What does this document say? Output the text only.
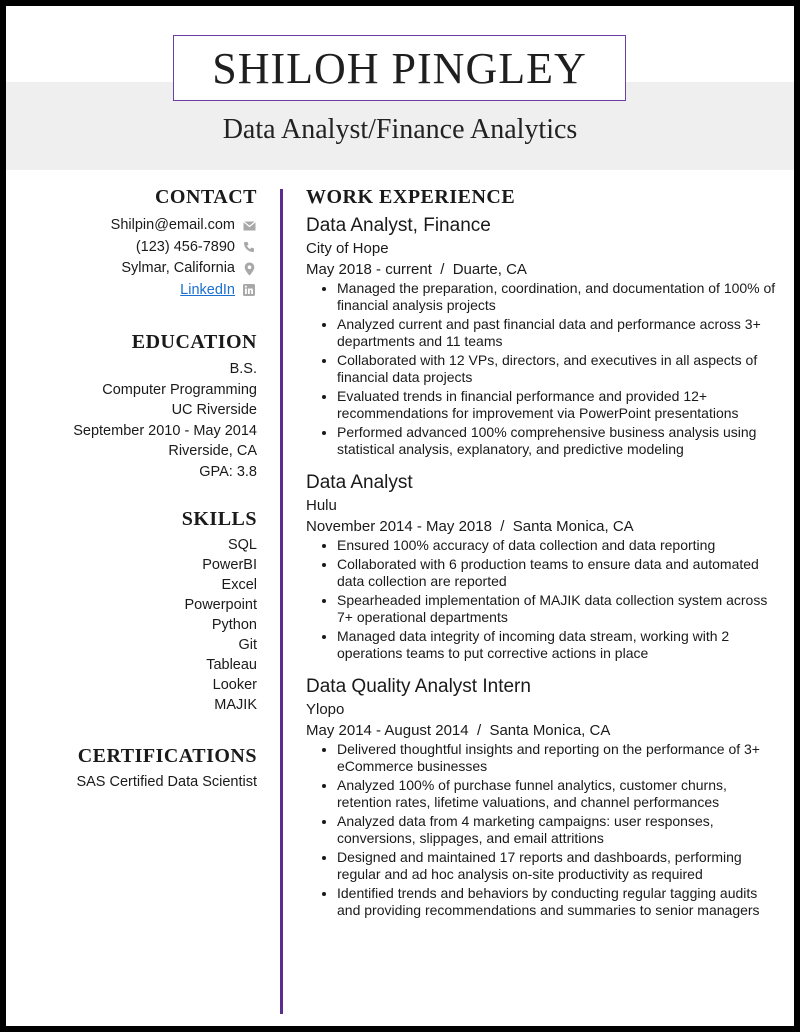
SHILOH PINGLEY
Data Analyst/Finance Analytics
CONTACT
Shilpin@email.com
(123) 456-7890
Sylmar, California
LinkedIn
EDUCATION
B.S.
Computer Programming
UC Riverside
September 2010 - May 2014
Riverside, CA
GPA: 3.8
SKILLS
SQL
PowerBI
Excel
Powerpoint
Python
Git
Tableau
Looker
MAJIK
CERTIFICATIONS
SAS Certified Data Scientist
WORK EXPERIENCE
Data Analyst, Finance
City of Hope
May 2018 - current  /  Duarte, CA
• Managed the preparation, coordination, and documentation of 100% of financial analysis projects
• Analyzed current and past financial data and performance across 3+ departments and 11 teams
• Collaborated with 12 VPs, directors, and executives in all aspects of financial data projects
• Evaluated trends in financial performance and provided 12+ recommendations for improvement via PowerPoint presentations
• Performed advanced 100% comprehensive business analysis using statistical analysis, explanatory, and predictive modeling
Data Analyst
Hulu
November 2014 - May 2018  /  Santa Monica, CA
• Ensured 100% accuracy of data collection and data reporting
• Collaborated with 6 production teams to ensure data and automated data collection are reported
• Spearheaded implementation of MAJIK data collection system across 7+ operational departments
• Managed data integrity of incoming data stream, working with 2 operations teams to put corrective actions in place
Data Quality Analyst Intern
Ylopo
May 2014 - August 2014  /  Santa Monica, CA
• Delivered thoughtful insights and reporting on the performance of 3+ eCommerce businesses
• Analyzed 100% of purchase funnel analytics, customer churns, retention rates, lifetime valuations, and channel performances
• Analyzed data from 4 marketing campaigns: user responses, conversions, slippages, and email attritions
• Designed and maintained 17 reports and dashboards, performing regular and ad hoc analysis on-site productivity as required
• Identified trends and behaviors by conducting regular tagging audits and providing recommendations and summaries to senior managers
